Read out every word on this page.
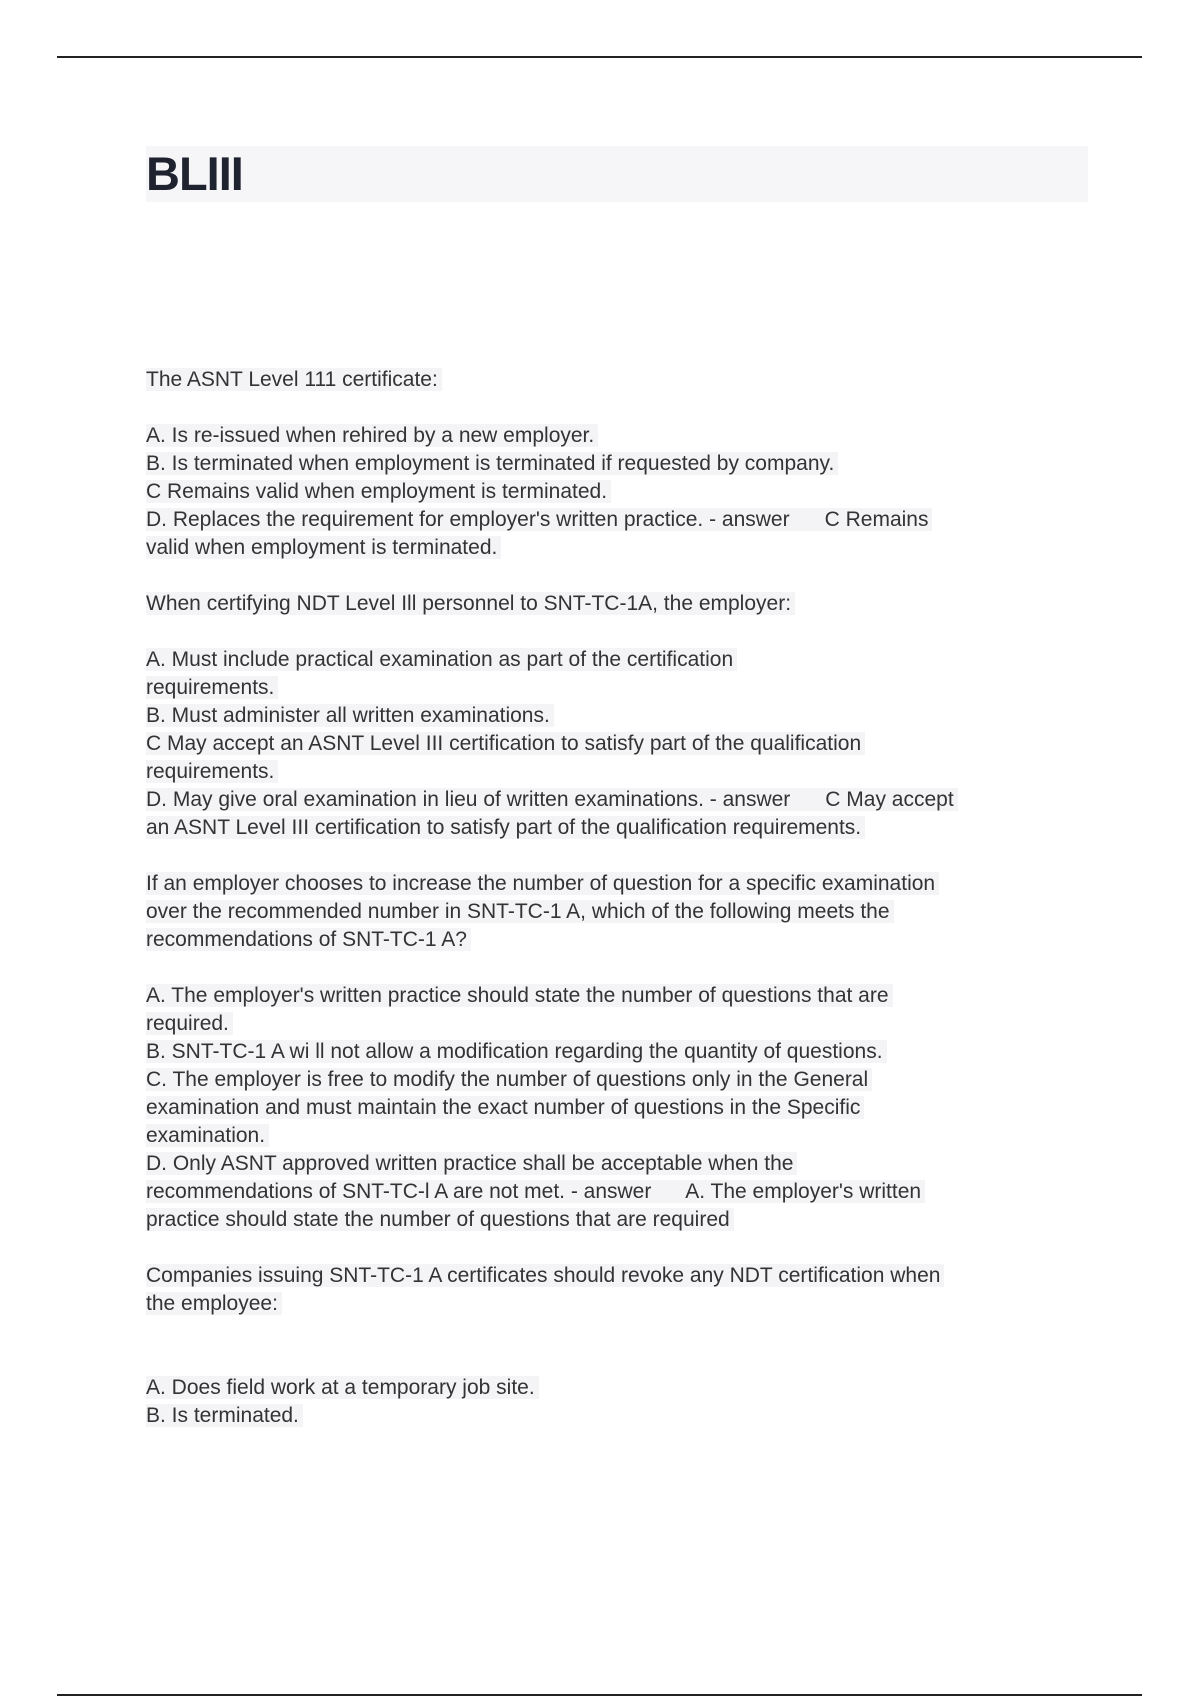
BLIII
The ASNT Level 111 certificate:
A. Is re-issued when rehired by a new employer.
B. Is terminated when employment is terminated if requested by company.
C Remains valid when employment is terminated.
D. Replaces the requirement for employer's written practice. - answer      C Remains
valid when employment is terminated.
When certifying NDT Level Ill personnel to SNT-TC-1A, the employer:
A. Must include practical examination as part of the certification
requirements.
B. Must administer all written examinations.
C May accept an ASNT Level III certification to satisfy part of the qualification
requirements.
D. May give oral examination in lieu of written examinations. - answer      C May accept
an ASNT Level III certification to satisfy part of the qualification requirements.
If an employer chooses to increase the number of question for a specific examination
over the recommended number in SNT-TC-1 A, which of the following meets the
recommendations of SNT-TC-1 A?
A. The employer's written practice should state the number of questions that are
required.
B. SNT-TC-1 A wi ll not allow a modification regarding the quantity of questions.
C. The employer is free to modify the number of questions only in the General
examination and must maintain the exact number of questions in the Specific
examination.
D. Only ASNT approved written practice shall be acceptable when the
recommendations of SNT-TC-l A are not met. - answer      A. The employer's written
practice should state the number of questions that are required
Companies issuing SNT-TC-1 A certificates should revoke any NDT certification when
the employee:
A. Does field work at a temporary job site.
B. Is terminated.
